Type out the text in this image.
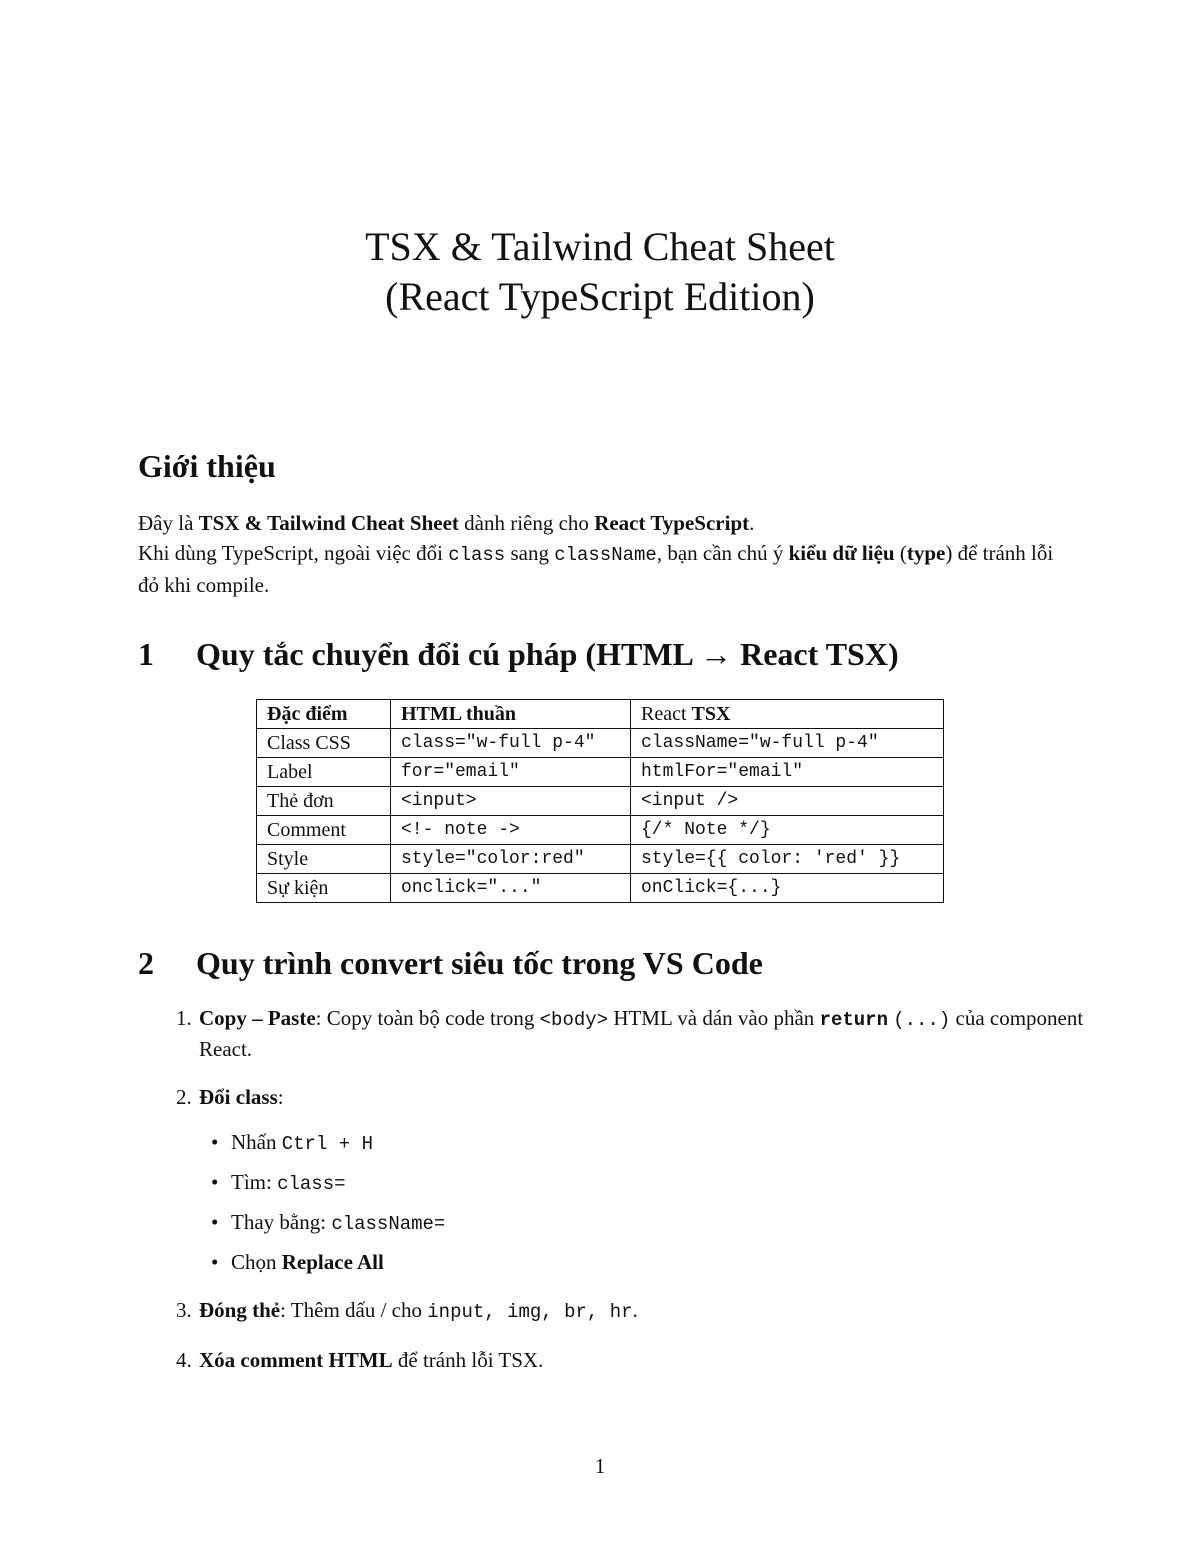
TSX & Tailwind Cheat Sheet
(React TypeScript Edition)
Giới thiệu

Đây là TSX & Tailwind Cheat Sheet dành riêng cho React TypeScript.

Khi dùng TypeScript, ngoài việc đổi class sang className, bạn cần chú ý kiểu dữ liệu (type) để tránh lỗi đỏ khi compile.

1 Quy tắc chuyển đổi cú pháp (HTML → React TSX)
Đặc điểm	HTML thuần	React TSX
Class CSS	class="w-full p-4"	className="w-full p-4"
Label	for="email"	htmlFor="email"
Thẻ đơn	<input>	<input />
Comment	<!- note ->	{/* Note */}
Style	style="color:red"	style={{ color: 'red' }}
Sự kiện	onclick="..."	onClick={...}
2 Quy trình convert siêu tốc trong VS Code
1. Copy – Paste: Copy toàn bộ code trong <body> HTML và dán vào phần return (...) của component React.
2. Đổi class:
• Nhấn Ctrl + H
• Tìm: class=
• Thay bằng: className=
• Chọn Replace All
3. Đóng thẻ: Thêm dấu / cho input, img, br, hr.
4. Xóa comment HTML để tránh lỗi TSX.
1
